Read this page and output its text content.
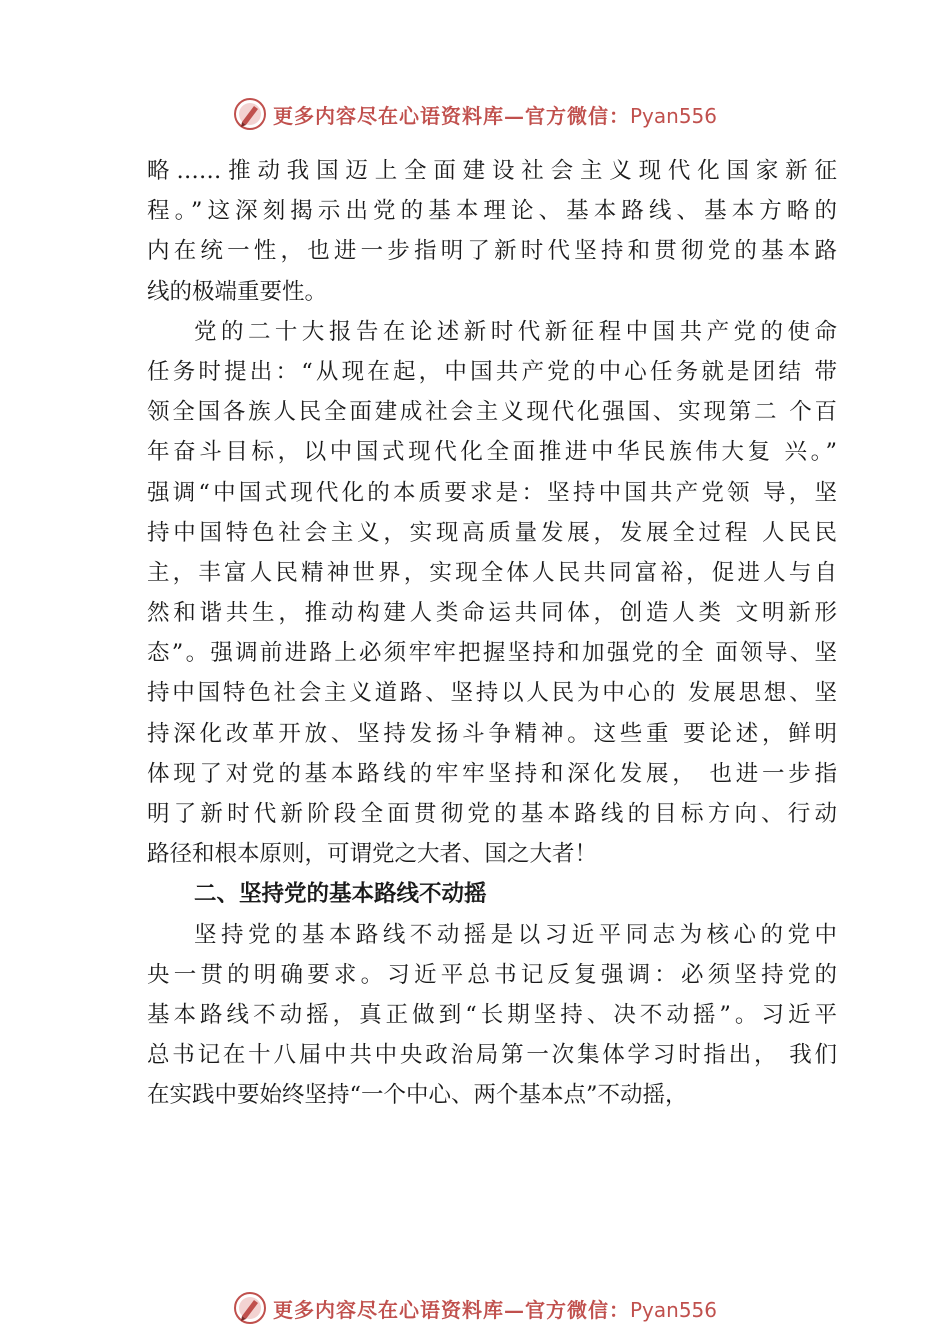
更多内容尽在心语资料库—官方微信：Pyan556
略……推动我国迈上全面建设社会主义现代化国家新征
程。”这深刻揭示出党的基本理论、基本路线、基本方略的
内在统一性，也进一步指明了新时代坚持和贯彻党的基本路
线的极端重要性。
党的二十大报告在论述新时代新征程中国共产党的使命
任务时提出：“从现在起，中国共产党的中心任务就是团结 带
领全国各族人民全面建成社会主义现代化强国、实现第二 个百
年奋斗目标，以中国式现代化全面推进中华民族伟大复 兴。”
强调“中国式现代化的本质要求是：坚持中国共产党领 导，坚
持中国特色社会主义，实现高质量发展，发展全过程 人民民
主，丰富人民精神世界，实现全体人民共同富裕，促进人与自
然和谐共生，推动构建人类命运共同体，创造人类 文明新形
态”。强调前进路上必须牢牢把握坚持和加强党的全 面领导、坚
持中国特色社会主义道路、坚持以人民为中心的 发展思想、坚
持深化改革开放、坚持发扬斗争精神。这些重 要论述，鲜明
体现了对党的基本路线的牢牢坚持和深化发展， 也进一步指
明了新时代新阶段全面贯彻党的基本路线的目标方向、行动
路径和根本原则，可谓党之大者、国之大者！
二、坚持党的基本路线不动摇
坚持党的基本路线不动摇是以习近平同志为核心的党中
央一贯的明确要求。习近平总书记反复强调：必须坚持党的
基本路线不动摇，真正做到“长期坚持、决不动摇”。习近平
总书记在十八届中共中央政治局第一次集体学习时指出， 我们
在实践中要始终坚持“一个中心、两个基本点”不动摇，
更多内容尽在心语资料库—官方微信：Pyan556
